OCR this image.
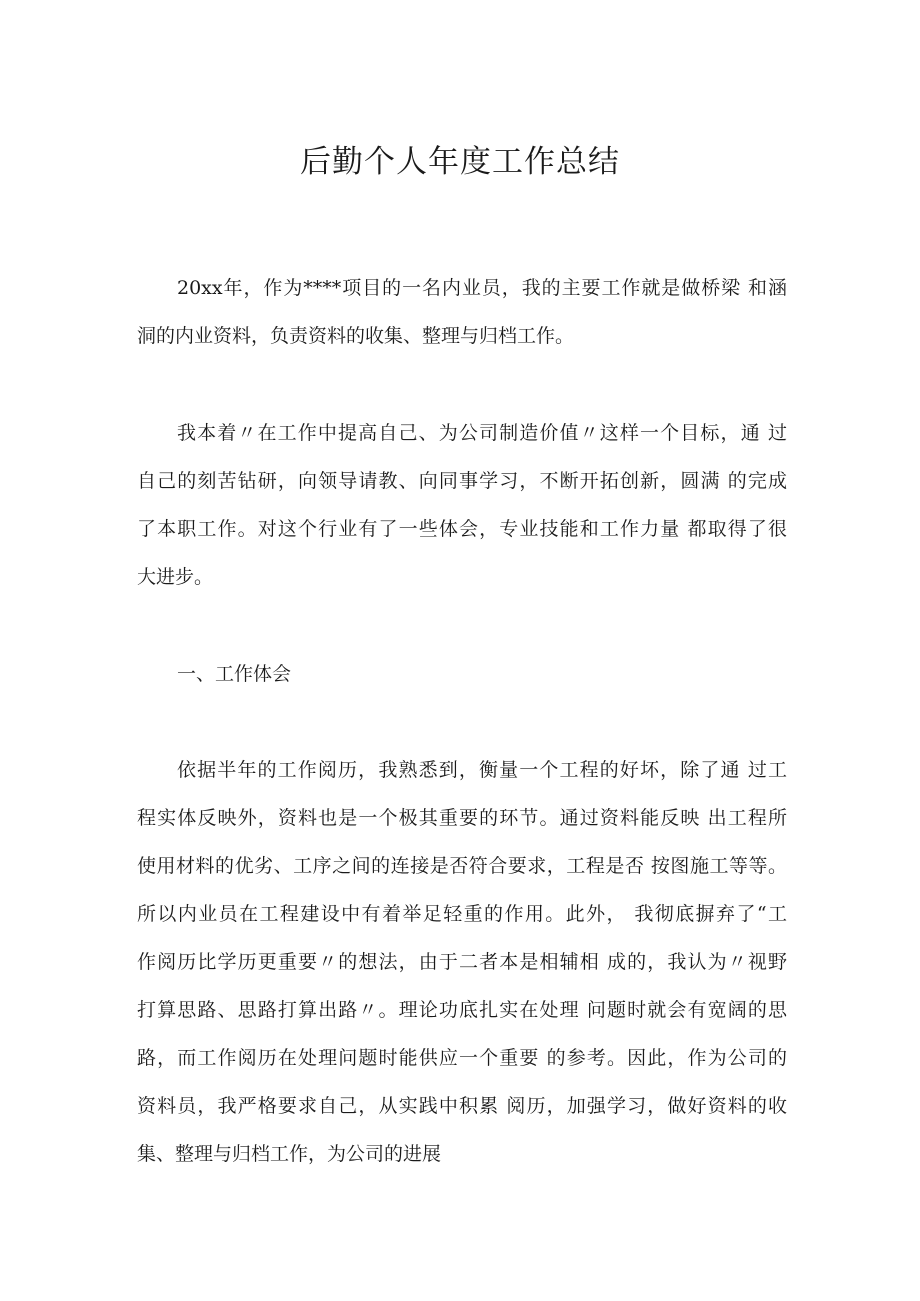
后勤个人年度工作总结
20xx年，作为****项目的一名内业员，我的主要工作就是做桥梁 和涵
洞的内业资料，负责资料的收集、整理与归档工作。
我本着〃在工作中提高自己、为公司制造价值〃这样一个目标，通 过
自己的刻苦钻研，向领导请教、向同事学习，不断开拓创新，圆满 的完成
了本职工作。对这个行业有了一些体会，专业技能和工作力量 都取得了很
大进步。
一、工作体会
依据半年的工作阅历，我熟悉到，衡量一个工程的好坏，除了通 过工
程实体反映外，资料也是一个极其重要的环节。通过资料能反映 出工程所
使用材料的优劣、工序之间的连接是否符合要求，工程是否 按图施工等等。
所以内业员在工程建设中有着举足轻重的作用。此外， 我彻底摒弃了“工
作阅历比学历更重要〃的想法，由于二者本是相辅相 成的，我认为〃视野
打算思路、思路打算出路〃。理论功底扎实在处理 问题时就会有宽阔的思
路，而工作阅历在处理问题时能供应一个重要 的参考。因此，作为公司的
资料员，我严格要求自己，从实践中积累 阅历，加强学习，做好资料的收
集、整理与归档工作，为公司的进展
